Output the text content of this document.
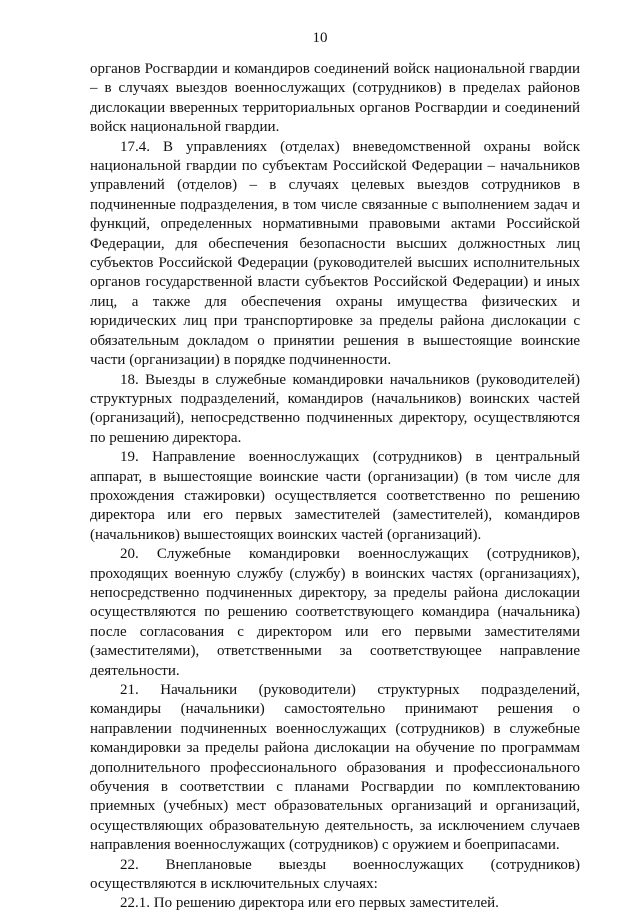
10

органов Росгвардии и командиров соединений войск национальной гвардии – в случаях выездов военнослужащих (сотрудников) в пределах районов дислокации вверенных территориальных органов Росгвардии и соединений войск национальной гвардии.

17.4. В управлениях (отделах) вневедомственной охраны войск национальной гвардии по субъектам Российской Федерации – начальников управлений (отделов) – в случаях целевых выездов сотрудников в подчиненные подразделения, в том числе связанные с выполнением задач и функций, определенных нормативными правовыми актами Российской Федерации, для обеспечения безопасности высших должностных лиц субъектов Российской Федерации (руководителей высших исполнительных органов государственной власти субъектов Российской Федерации) и иных лиц, а также для обеспечения охраны имущества физических и юридических лиц при транспортировке за пределы района дислокации с обязательным докладом о принятии решения в вышестоящие воинские части (организации) в порядке подчиненности.

18. Выезды в служебные командировки начальников (руководителей) структурных подразделений, командиров (начальников) воинских частей (организаций), непосредственно подчиненных директору, осуществляются по решению директора.

19. Направление военнослужащих (сотрудников) в центральный аппарат, в вышестоящие воинские части (организации) (в том числе для прохождения стажировки) осуществляется соответственно по решению директора или его первых заместителей (заместителей), командиров (начальников) вышестоящих воинских частей (организаций).

20. Служебные командировки военнослужащих (сотрудников), проходящих военную службу (службу) в воинских частях (организациях), непосредственно подчиненных директору, за пределы района дислокации осуществляются по решению соответствующего командира (начальника) после согласования с директором или его первыми заместителями (заместителями), ответственными за соответствующее направление деятельности.

21. Начальники (руководители) структурных подразделений, командиры (начальники) самостоятельно принимают решения о направлении подчиненных военнослужащих (сотрудников) в служебные командировки за пределы района дислокации на обучение по программам дополнительного профессионального образования и профессионального обучения в соответствии с планами Росгвардии по комплектованию приемных (учебных) мест образовательных организаций и организаций, осуществляющих образовательную деятельность, за исключением случаев направления военнослужащих (сотрудников) с оружием и боеприпасами.

22. Внеплановые выезды военнослужащих (сотрудников) осуществляются в исключительных случаях:

22.1. По решению директора или его первых заместителей.
